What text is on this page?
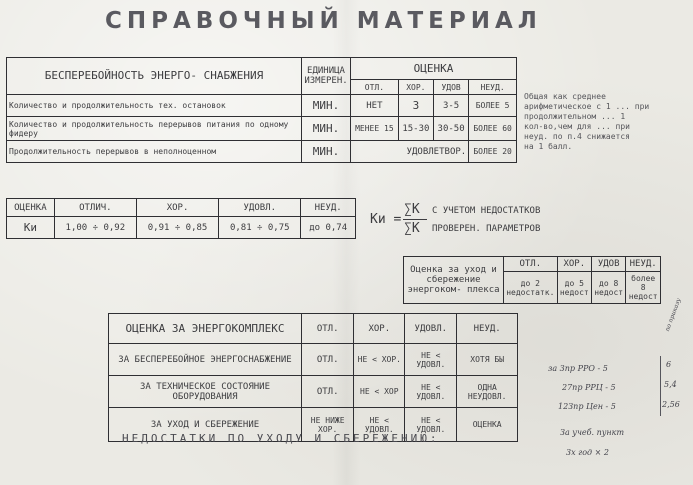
СПРАВОЧНЫЙ МАТЕРИАЛ
БЕСПЕРЕБОЙНОСТЬ ЭНЕРГО- СНАБЖЕНИЯ	ЕДИНИЦА ИЗМЕРЕН.	ОЦЕНКА			
		ОТЛ.	ХОР.	УДОВ	НЕУД.
Количество и продолжительность тех. остановок	МИН.	НЕТ	3	3-5	БОЛЕЕ 5
Количество и продолжительность перерывов питания по одному фидеру	МИН.	МЕНЕЕ 15	15-30	30-50	БОЛЕЕ 60
Продолжительность перерывов в неполноценном	МИН.	УДОВЛЕТВОР.			БОЛЕЕ 20
Общая как среднее
арифметическое с 1 ... при
продолжительном ... 1
кол-во,чем для ... при
неуд. по п.4 снижается
на 1 балл.
ОЦЕНКА	ОТЛИЧ.	ХОР.	УДОВЛ.	НЕУД.
Kи	1,00 ÷ 0,92	0,91 ÷ 0,85	0,81 ÷ 0,75	до 0,74
Kи =
∑K
∑K
С УЧЕТОМ НЕДОСТАТКОВ
ПРОВЕРЕН. ПАРАМЕТРОВ
Оценка за уход и сбережение энергоком- плекса	ОТЛ.	ХОР.	УДОВ	НЕУД.
	до 2 недостатк.	до 5 недост	до 8 недост	более 8 недост
ОЦЕНКА ЗА ЭНЕРГОКОМПЛЕКС	ОТЛ.	ХОР.	УДОВЛ.	НЕУД.
ЗА БЕСПЕРЕБОЙНОЕ ЭНЕРГОСНАБЖЕНИЕ	ОТЛ.	НЕ < ХОР.	НЕ < УДОВЛ.	ХОТЯ БЫ
ЗА ТЕХНИЧЕСКОЕ СОСТОЯНИЕ ОБОРУДОВАНИЯ	ОТЛ.	НЕ < ХОР	НЕ < УДОВЛ.	ОДНА НЕУДОВЛ.
ЗА УХОД И СБЕРЕЖЕНИЕ	НЕ НИЖЕ ХОР.	НЕ < УДОВЛ.	НЕ < УДОВЛ.	ОЦЕНКА
за 3пр РРО - 5
27пр РРЦ - 5
12Зпр Цен - 5
За учеб. пункт
3х год × 2
6
5,4
2,56
по приказу
НЕДОСТАТКИ ПО УХОДУ И СБЕРЕЖЕНИЮ:
